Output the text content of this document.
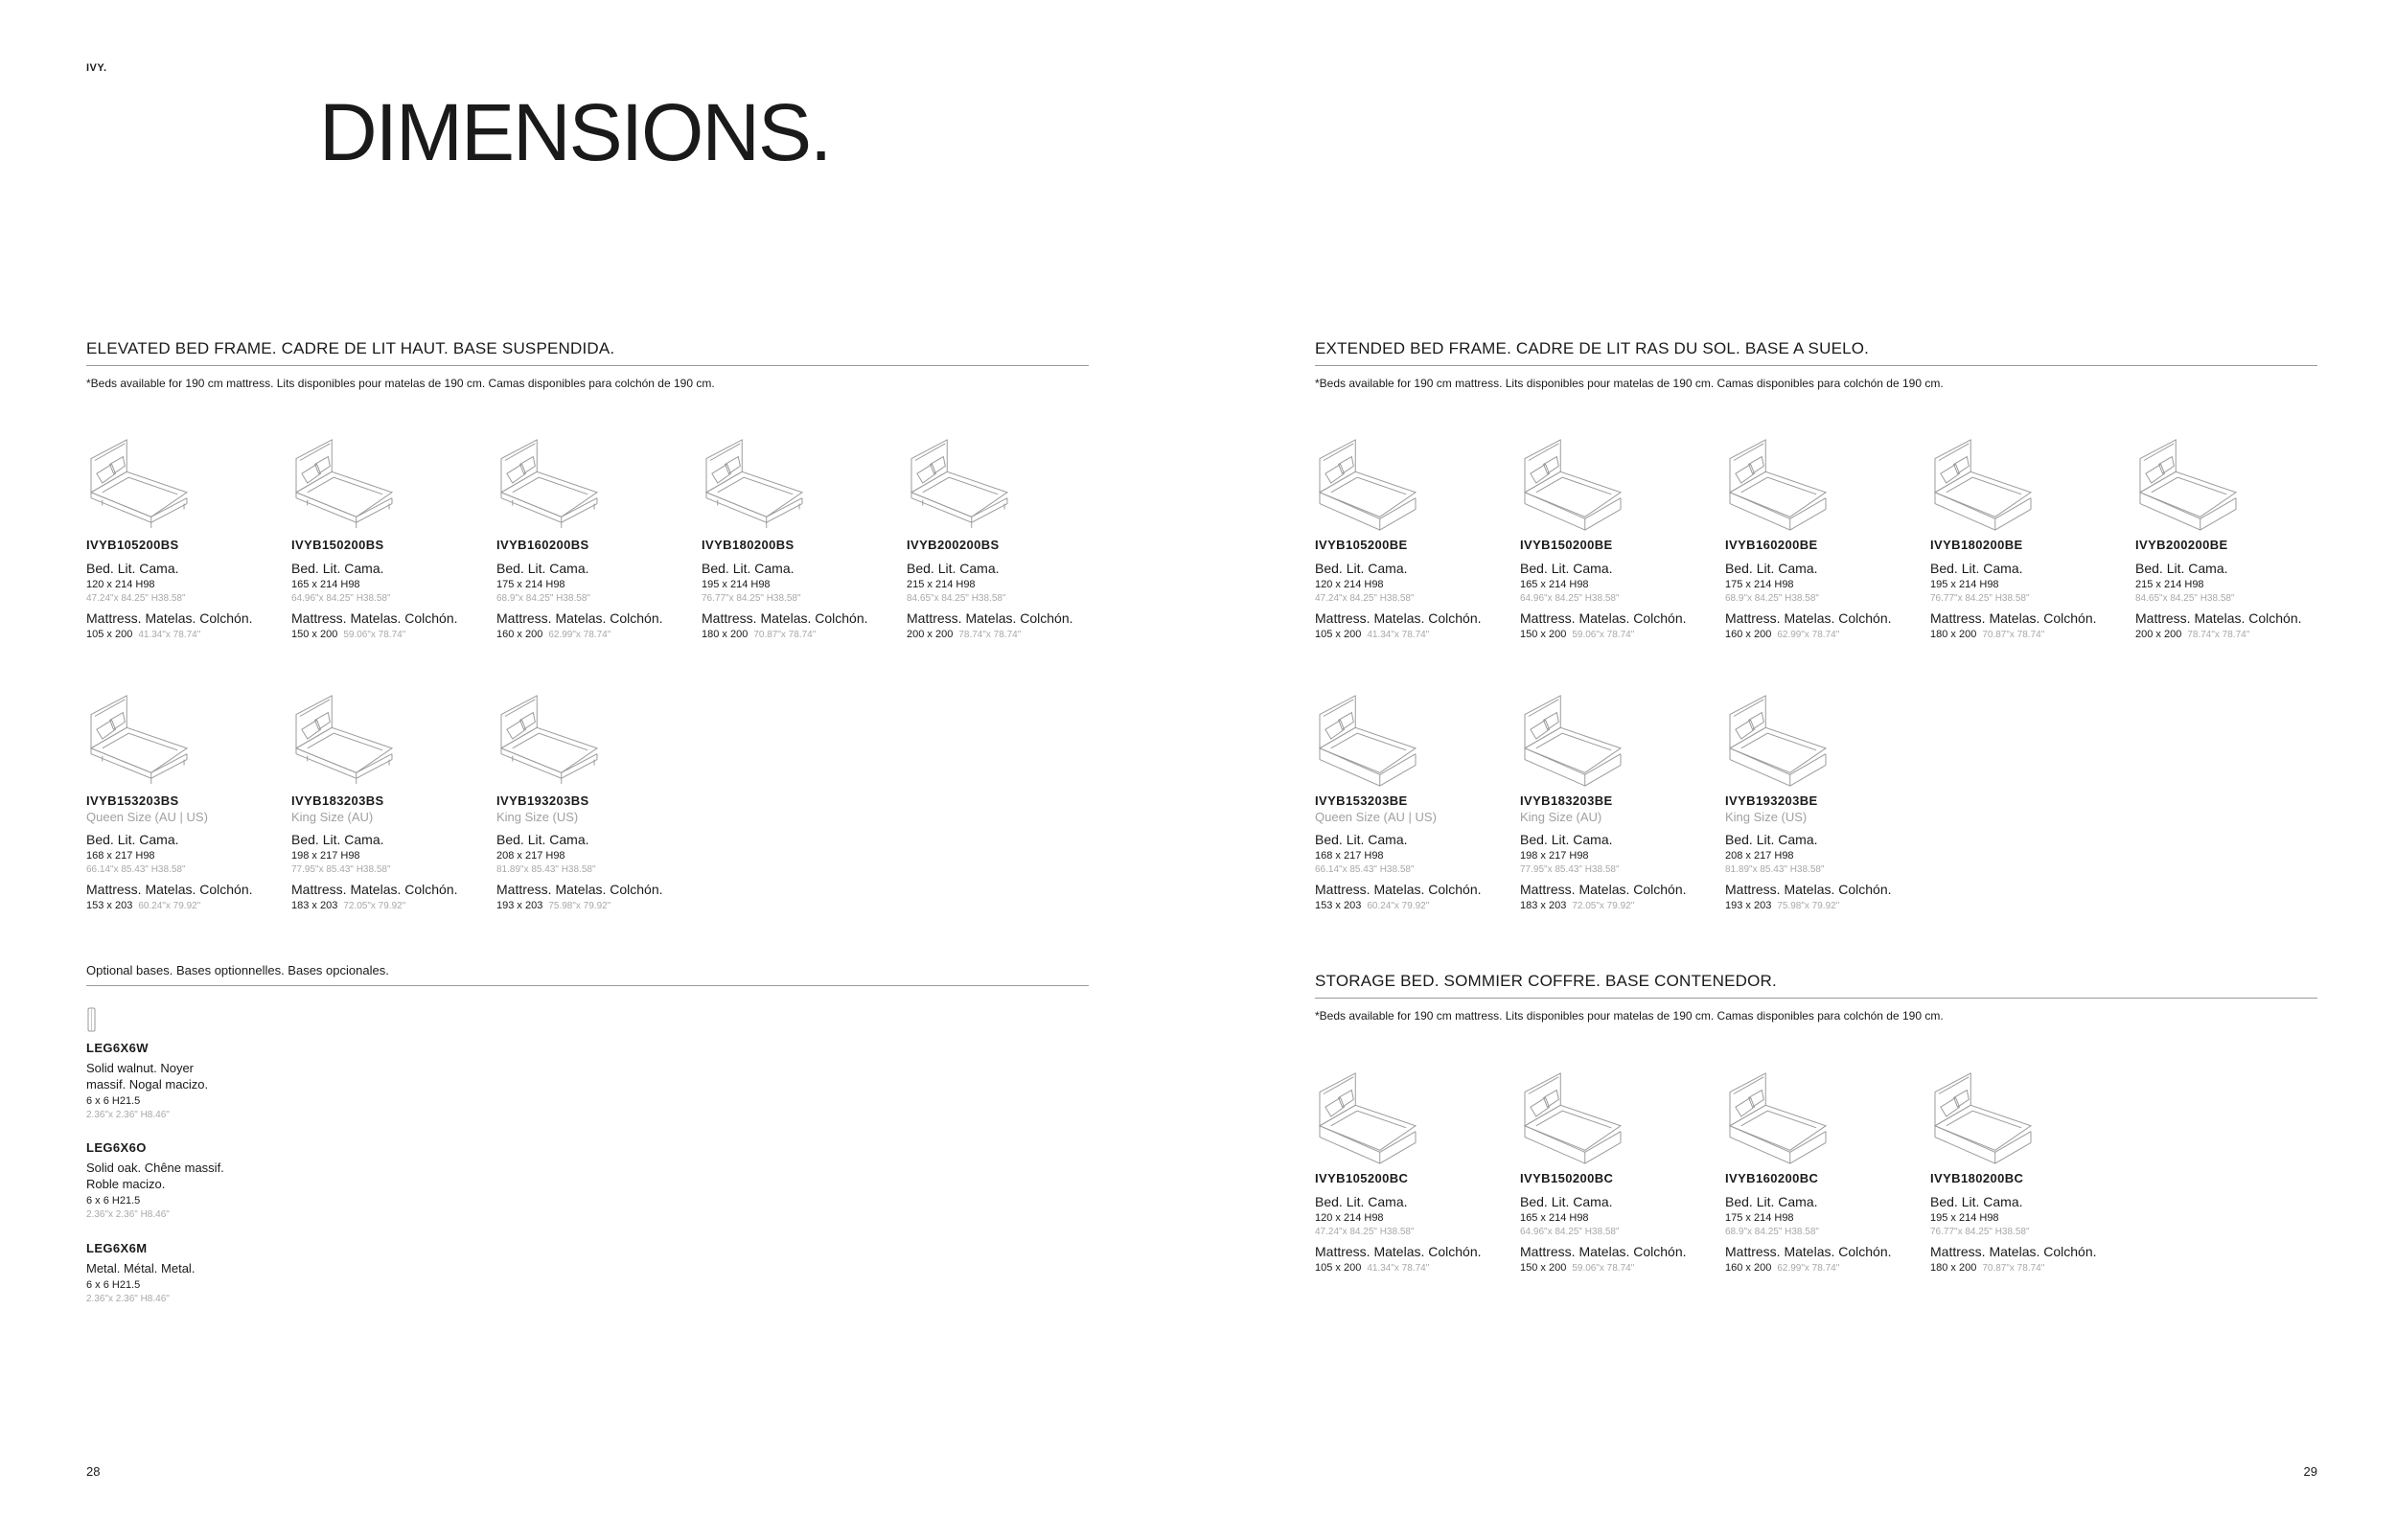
IVY.
DIMENSIONS.
ELEVATED BED FRAME. CADRE DE LIT HAUT. BASE SUSPENDIDA.
*Beds available for 190 cm mattress. Lits disponibles pour matelas de 190 cm. Camas disponibles para colchón de 190 cm.
IVYB105200BS
Bed. Lit. Cama.
120 x 214 H98
47.24"x 84.25" H38.58"
Mattress. Matelas. Colchón.
105 x 200 41.34"x 78.74"
IVYB150200BS
Bed. Lit. Cama.
165 x 214 H98
64.96"x 84.25" H38.58"
Mattress. Matelas. Colchón.
150 x 200 59.06"x 78.74"
IVYB160200BS
Bed. Lit. Cama.
175 x 214 H98
68.9"x 84.25" H38.58"
Mattress. Matelas. Colchón.
160 x 200 62.99"x 78.74"
IVYB180200BS
Bed. Lit. Cama.
195 x 214 H98
76.77"x 84.25" H38.58"
Mattress. Matelas. Colchón.
180 x 200 70.87"x 78.74"
IVYB200200BS
Bed. Lit. Cama.
215 x 214 H98
84.65"x 84.25" H38.58"
Mattress. Matelas. Colchón.
200 x 200 78.74"x 78.74"
IVYB153203BS
Queen Size (AU | US)
Bed. Lit. Cama.
168 x 217 H98
66.14"x 85.43" H38.58"
Mattress. Matelas. Colchón.
153 x 203 60.24"x 79.92"
IVYB183203BS
King Size (AU)
Bed. Lit. Cama.
198 x 217 H98
77.95"x 85.43" H38.58"
Mattress. Matelas. Colchón.
183 x 203 72.05"x 79.92"
IVYB193203BS
King Size (US)
Bed. Lit. Cama.
208 x 217 H98
81.89"x 85.43" H38.58"
Mattress. Matelas. Colchón.
193 x 203 75.98"x 79.92"
Optional bases. Bases optionnelles. Bases opcionales.
LEG6X6W
Solid walnut. Noyer massif. Nogal macizo.
6 x 6 H21.5
2.36"x 2.36" H8.46"
LEG6X6O
Solid oak. Chêne massif. Roble macizo.
6 x 6 H21.5
2.36"x 2.36" H8.46"
LEG6X6M
Metal. Métal. Metal.
6 x 6 H21.5
2.36"x 2.36" H8.46"
EXTENDED BED FRAME. CADRE DE LIT RAS DU SOL. BASE A SUELO.
*Beds available for 190 cm mattress. Lits disponibles pour matelas de 190 cm. Camas disponibles para colchón de 190 cm.
IVYB105200BE
Bed. Lit. Cama.
120 x 214 H98
47.24"x 84.25" H38.58"
Mattress. Matelas. Colchón.
105 x 200 41.34"x 78.74"
IVYB150200BE
Bed. Lit. Cama.
165 x 214 H98
64.96"x 84.25" H38.58"
Mattress. Matelas. Colchón.
150 x 200 59.06"x 78.74"
IVYB160200BE
Bed. Lit. Cama.
175 x 214 H98
68.9"x 84.25" H38.58"
Mattress. Matelas. Colchón.
160 x 200 62.99"x 78.74"
IVYB180200BE
Bed. Lit. Cama.
195 x 214 H98
76.77"x 84.25" H38.58"
Mattress. Matelas. Colchón.
180 x 200 70.87"x 78.74"
IVYB200200BE
Bed. Lit. Cama.
215 x 214 H98
84.65"x 84.25" H38.58"
Mattress. Matelas. Colchón.
200 x 200 78.74"x 78.74"
IVYB153203BE
Queen Size (AU | US)
Bed. Lit. Cama.
168 x 217 H98
66.14"x 85.43" H38.58"
Mattress. Matelas. Colchón.
153 x 203 60.24"x 79.92"
IVYB183203BE
King Size (AU)
Bed. Lit. Cama.
198 x 217 H98
77.95"x 85.43" H38.58"
Mattress. Matelas. Colchón.
183 x 203 72.05"x 79.92"
IVYB193203BE
King Size (US)
Bed. Lit. Cama.
208 x 217 H98
81.89"x 85.43" H38.58"
Mattress. Matelas. Colchón.
193 x 203 75.98"x 79.92"
STORAGE BED. SOMMIER COFFRE. BASE CONTENEDOR.
*Beds available for 190 cm mattress. Lits disponibles pour matelas de 190 cm. Camas disponibles para colchón de 190 cm.
IVYB105200BC
Bed. Lit. Cama.
120 x 214 H98
47.24"x 84.25" H38.58"
Mattress. Matelas. Colchón.
105 x 200 41.34"x 78.74"
IVYB150200BC
Bed. Lit. Cama.
165 x 214 H98
64.96"x 84.25" H38.58"
Mattress. Matelas. Colchón.
150 x 200 59.06"x 78.74"
IVYB160200BC
Bed. Lit. Cama.
175 x 214 H98
68.9"x 84.25" H38.58"
Mattress. Matelas. Colchón.
160 x 200 62.99"x 78.74"
IVYB180200BC
Bed. Lit. Cama.
195 x 214 H98
76.77"x 84.25" H38.58"
Mattress. Matelas. Colchón.
180 x 200 70.87"x 78.74"
28	29
